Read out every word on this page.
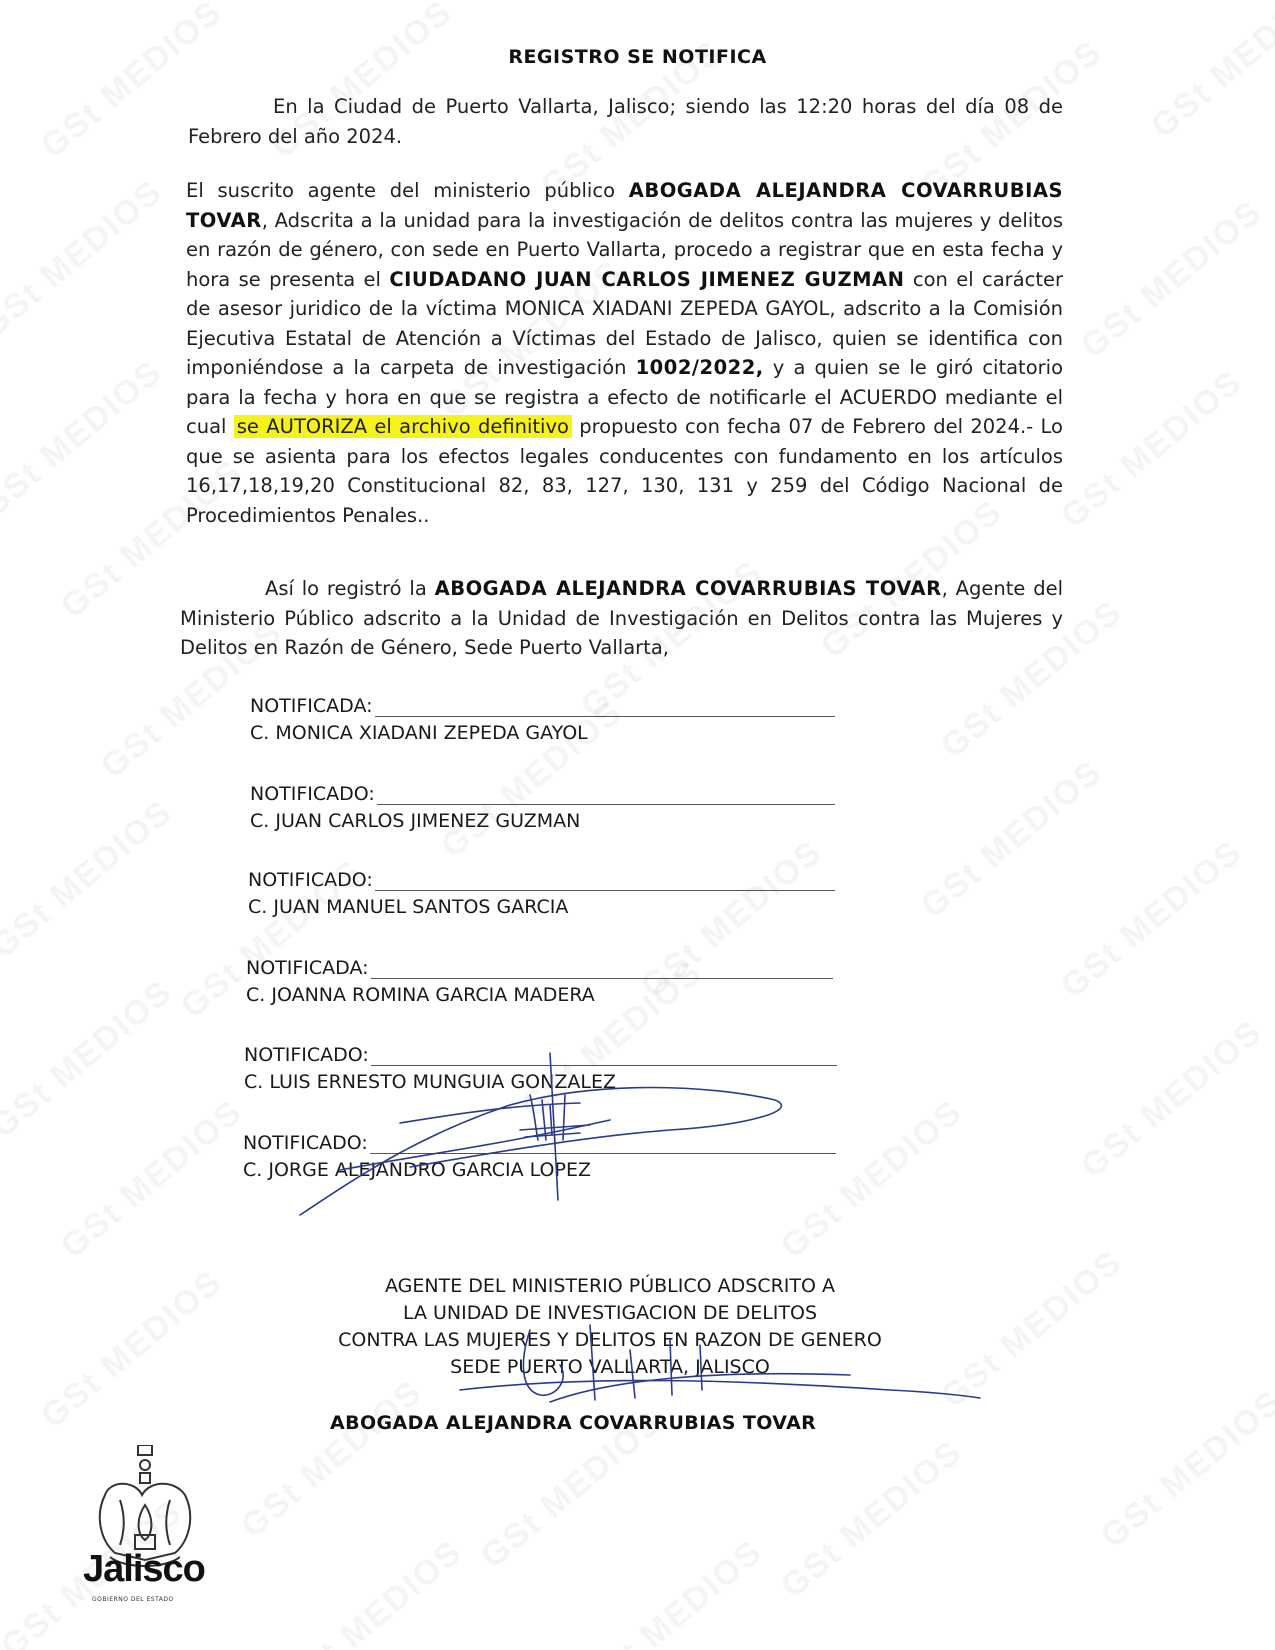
REGISTRO SE NOTIFICA
En la Ciudad de Puerto Vallarta, Jalisco; siendo las 12:20 horas del día 08 de Febrero del año 2024.
El suscrito agente del ministerio público ABOGADA ALEJANDRA COVARRUBIAS TOVAR, Adscrita a la unidad para la investigación de delitos contra las mujeres y delitos en razón de género, con sede en Puerto Vallarta, procedo a registrar que en esta fecha y hora se presenta el CIUDADANO JUAN CARLOS JIMENEZ GUZMAN con el carácter de asesor juridico de la víctima MONICA XIADANI ZEPEDA GAYOL, adscrito a la Comisión Ejecutiva Estatal de Atención a Víctimas del Estado de Jalisco, quien se identifica con imponiéndose a la carpeta de investigación 1002/2022, y a quien se le giró citatorio para la fecha y hora en que se registra a efecto de notificarle el ACUERDO mediante el cual se AUTORIZA el archivo definitivo propuesto con fecha 07 de Febrero del 2024.- Lo que se asienta para los efectos legales conducentes con fundamento en los artículos 16,17,18,19,20 Constitucional 82, 83, 127, 130, 131 y 259 del Código Nacional de Procedimientos Penales..
Así lo registró la ABOGADA ALEJANDRA COVARRUBIAS TOVAR, Agente del Ministerio Público adscrito a la Unidad de Investigación en Delitos contra las Mujeres y Delitos en Razón de Género, Sede Puerto Vallarta,
NOTIFICADA:
C. MONICA XIADANI ZEPEDA GAYOL
NOTIFICADO:
C. JUAN CARLOS JIMENEZ GUZMAN
NOTIFICADO:
C. JUAN MANUEL SANTOS GARCIA
NOTIFICADA:
C. JOANNA ROMINA GARCIA MADERA
NOTIFICADO:
C. LUIS ERNESTO MUNGUIA GONZALEZ
NOTIFICADO:
C. JORGE ALEJANDRO GARCIA LOPEZ
AGENTE DEL MINISTERIO PÚBLICO ADSCRITO A
LA UNIDAD DE INVESTIGACION DE DELITOS
CONTRA LAS MUJERES Y DELITOS EN RAZON DE GENERO
SEDE PUERTO VALLARTA, JALISCO
ABOGADA ALEJANDRA COVARRUBIAS TOVAR
Jalisco
GOBIERNO DEL ESTADO
